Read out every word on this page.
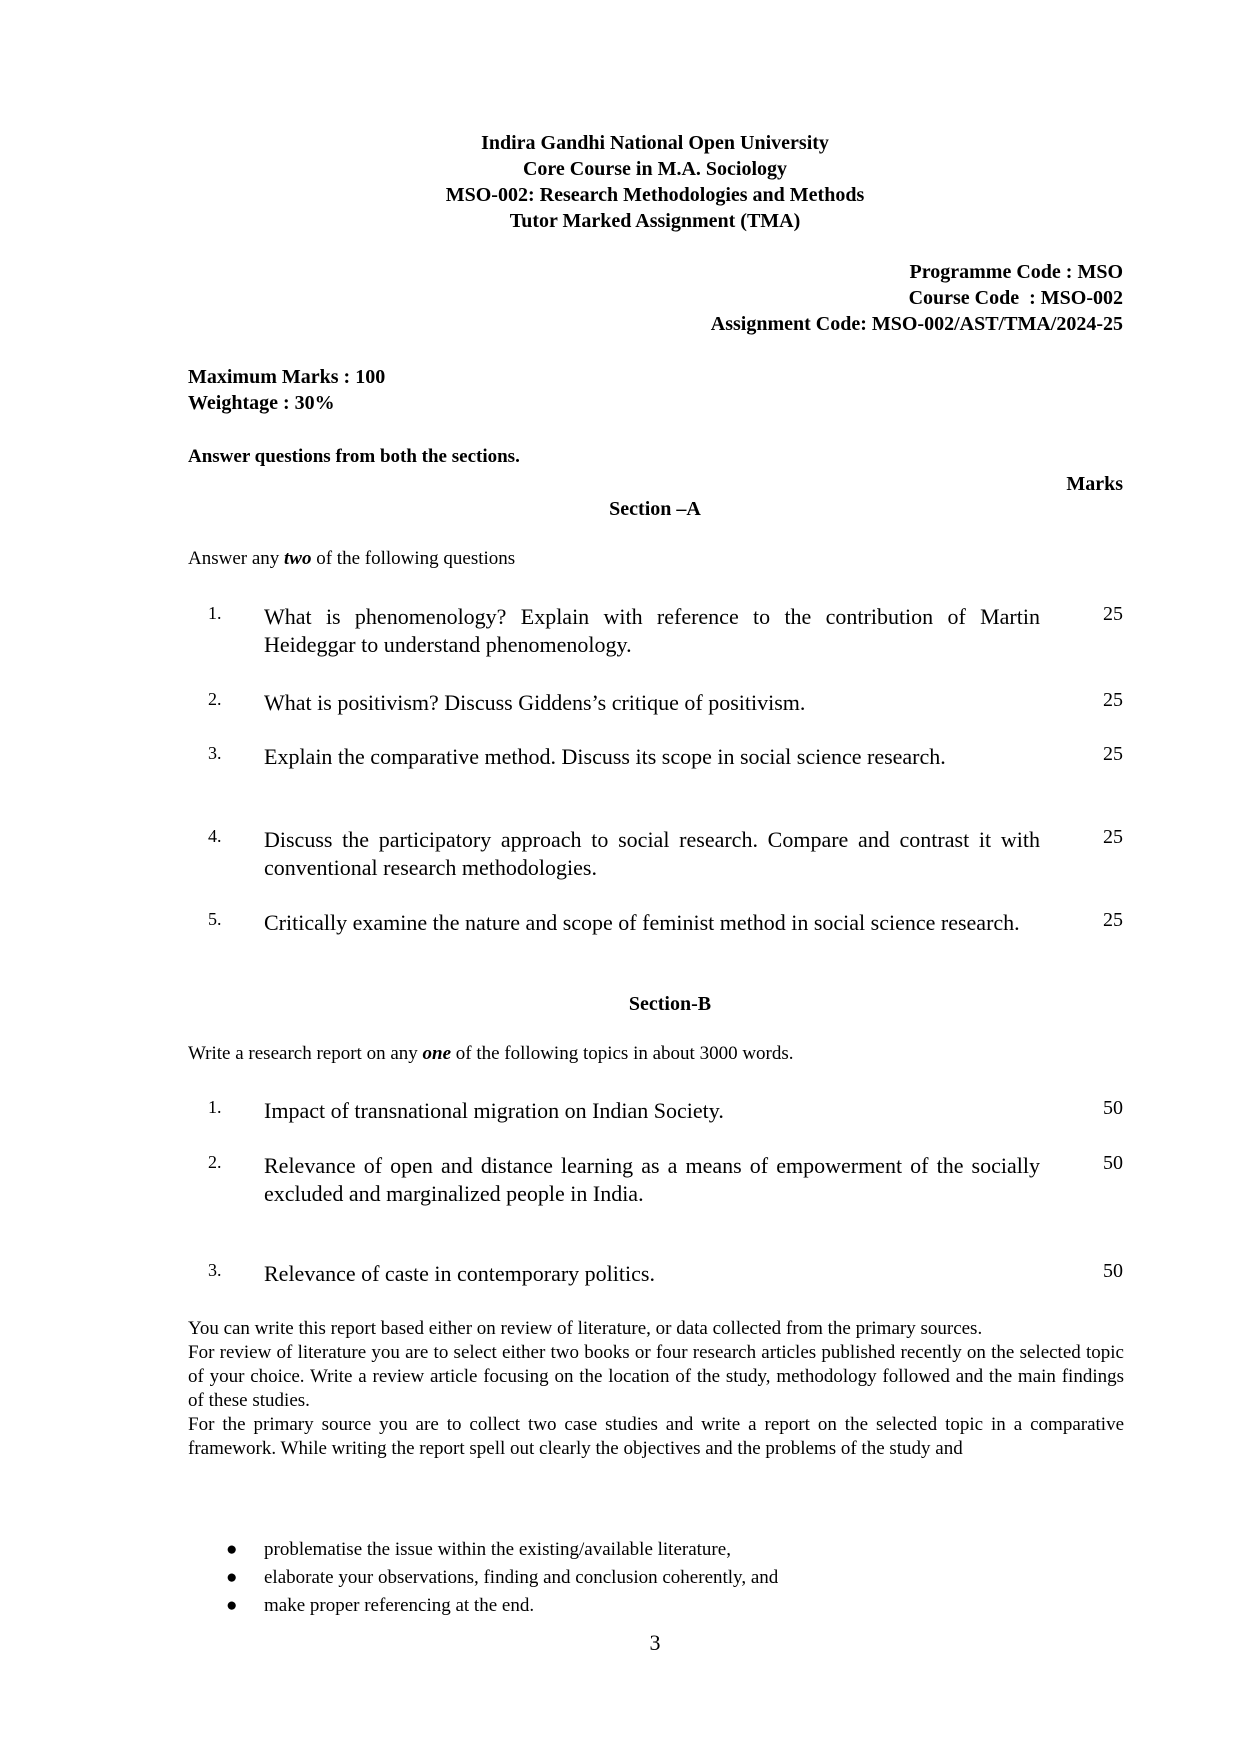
Indira Gandhi National Open University
Core Course in M.A. Sociology
MSO-002: Research Methodologies and Methods
Tutor Marked Assignment (TMA)
Programme Code : MSO
Course Code  : MSO-002
Assignment Code: MSO-002/AST/TMA/2024-25
Maximum Marks : 100
Weightage : 30%
Answer questions from both the sections.
Marks
Section –A
Answer any two of the following questions
1. What is phenomenology? Explain with reference to the contribution of Martin Heideggar to understand phenomenology.
25
2. What is positivism? Discuss Giddens’s critique of positivism.	25
3. Explain the comparative method. Discuss its scope in social science research.	25
4. Discuss the participatory approach to social research. Compare and contrast it with conventional research methodologies.
25
5. Critically examine the nature and scope of feminist method in social science research.	25
Section-B
Write a research report on any one of the following topics in about 3000 words.
1. Impact of transnational migration on Indian Society.	50
2. Relevance of open and distance learning as a means of empowerment of the socially excluded and marginalized people in India.
50
3. Relevance of caste in contemporary politics.	50
You can write this report based either on review of literature, or data collected from the primary sources.
For review of literature you are to select either two books or four research articles published recently on the selected topic of your choice. Write a review article focusing on the location of the study, methodology followed and the main findings of these studies.
For the primary source you are to collect two case studies and write a report on the selected topic in a comparative framework. While writing the report spell out clearly the objectives and the problems of the study and
● problematise the issue within the existing/available literature,
● elaborate your observations, finding and conclusion coherently, and
● make proper referencing at the end.
3
